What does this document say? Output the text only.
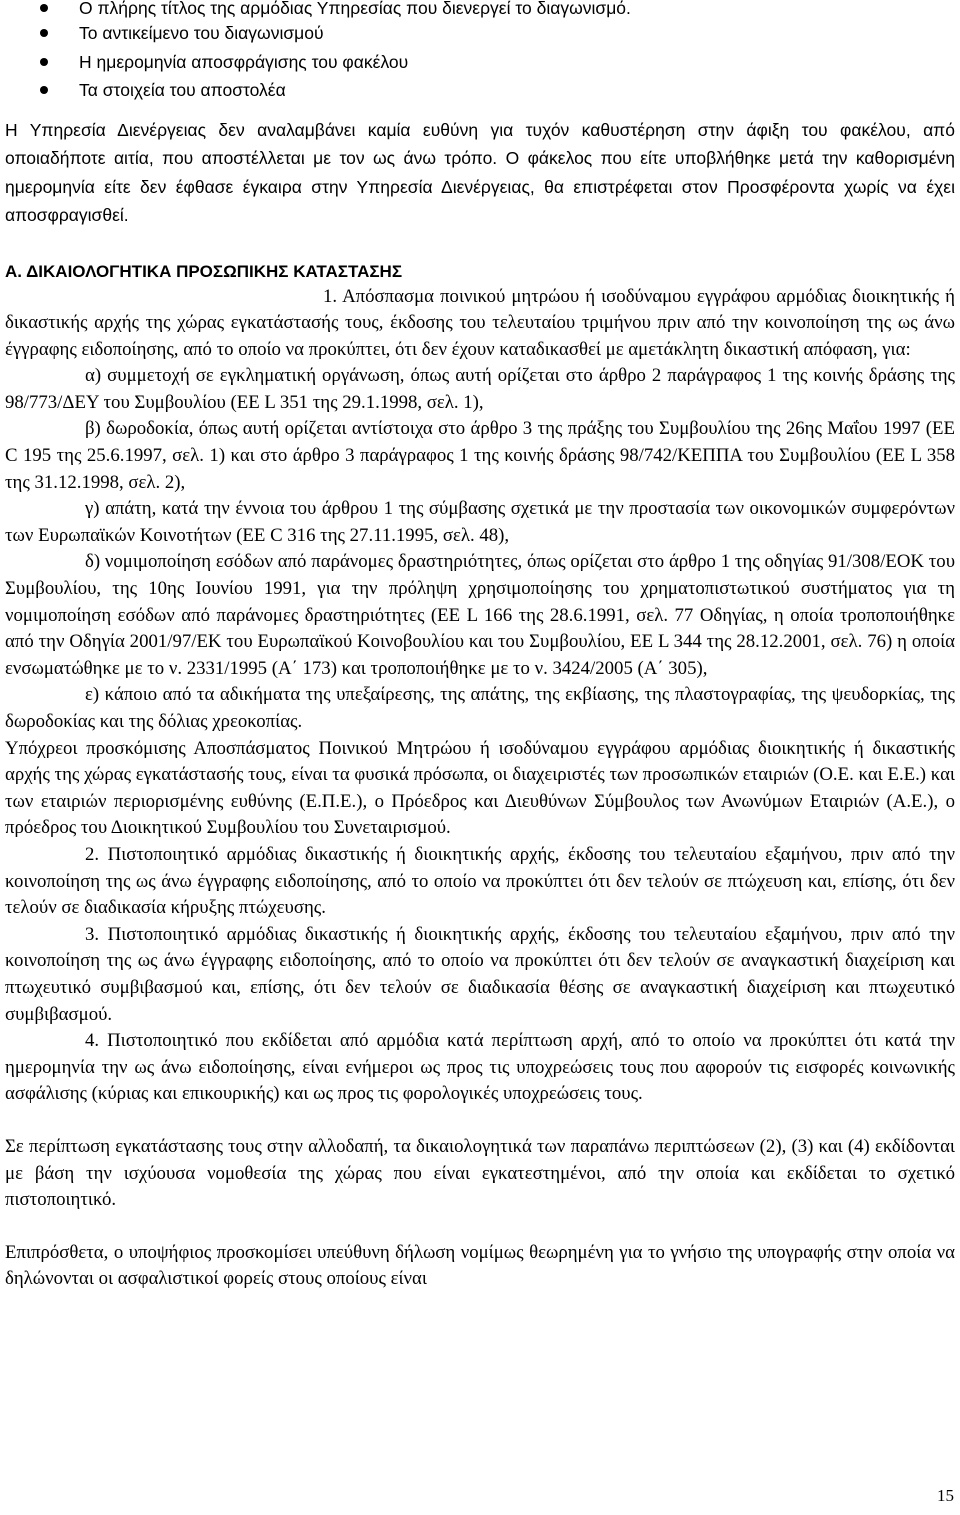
Ο πλήρης τίτλος της αρμόδιας Υπηρεσίας που διενεργεί το διαγωνισμό.
Το αντικείμενο του διαγωνισμού
Η ημερομηνία αποσφράγισης του φακέλου
Τα στοιχεία του αποστολέα

Η Υπηρεσία Διενέργειας δεν αναλαμβάνει καμία ευθύνη για τυχόν καθυστέρηση στην άφιξη του φακέλου, από οποιαδήποτε αιτία, που αποστέλλεται με τον ως άνω τρόπο. Ο φάκελος που είτε υποβλήθηκε μετά την καθορισμένη ημερομηνία είτε δεν έφθασε έγκαιρα στην Υπηρεσία Διενέργειας, θα επιστρέφεται στον Προσφέροντα χωρίς να έχει αποσφραγισθεί.

Α. ΔΙΚΑΙΟΛΟΓΗΤΙΚΑ ΠΡΟΣΩΠΙΚΗΣ ΚΑΤΑΣΤΑΣΗΣ

1. Απόσπασμα ποινικού μητρώου ή ισοδύναμου εγγράφου αρμόδιας διοικητικής ή δικαστικής αρχής της χώρας εγκατάστασής τους, έκδοσης του τελευταίου τριμήνου πριν από την κοινοποίηση της ως άνω έγγραφης ειδοποίησης, από το οποίο να προκύπτει, ότι δεν έχουν καταδικασθεί με αμετάκλητη δικαστική απόφαση, για:

α) συμμετοχή σε εγκληματική οργάνωση, όπως αυτή ορίζεται στο άρθρο 2 παράγραφος 1 της κοινής δράσης της 98/773/ΔΕΥ του Συμβουλίου (ΕΕ L 351 της 29.1.1998, σελ. 1),

β) δωροδοκία, όπως αυτή ορίζεται αντίστοιχα στο άρθρο 3 της πράξης του Συμβουλίου της 26ης Μαΐου 1997 (ΕΕ C 195 της 25.6.1997, σελ. 1) και στο άρθρο 3 παράγραφος 1 της κοινής δράσης 98/742/ΚΕΠΠΑ του Συμβουλίου (ΕΕ L 358 της 31.12.1998, σελ. 2),

γ) απάτη, κατά την έννοια του άρθρου 1 της σύμβασης σχετικά με την προστασία των οικονομικών συμφερόντων των Ευρωπαϊκών Κοινοτήτων (ΕΕ C 316 της 27.11.1995, σελ. 48),

δ) νομιμοποίηση εσόδων από παράνομες δραστηριότητες, όπως ορίζεται στο άρθρο 1 της οδηγίας 91/308/ΕΟΚ του Συμβουλίου, της 10ης Ιουνίου 1991, για την πρόληψη χρησιμοποίησης του χρηματοπιστωτικού συστήματος για τη νομιμοποίηση εσόδων από παράνομες δραστηριότητες (ΕΕ L 166 της 28.6.1991, σελ. 77 Οδηγίας, η οποία τροποποιήθηκε από την Οδηγία 2001/97/ΕΚ του Ευρωπαϊκού Κοινοβουλίου και του Συμβουλίου, ΕΕ L 344 της 28.12.2001, σελ. 76) η οποία ενσωματώθηκε με το ν. 2331/1995 (Α΄ 173) και τροποποιήθηκε με το ν. 3424/2005 (Α΄ 305),

ε) κάποιο από τα αδικήματα της υπεξαίρεσης, της απάτης, της εκβίασης, της πλαστογραφίας, της ψευδορκίας, της δωροδοκίας και της δόλιας χρεοκοπίας.

Υπόχρεοι προσκόμισης Αποσπάσματος Ποινικού Μητρώου ή ισοδύναμου εγγράφου αρμόδιας διοικητικής ή δικαστικής αρχής της χώρας εγκατάστασής τους, είναι τα φυσικά πρόσωπα, οι διαχειριστές των προσωπικών εταιριών (Ο.Ε. και Ε.Ε.) και των εταιριών περιορισμένης ευθύνης (Ε.Π.Ε.), ο Πρόεδρος και Διευθύνων Σύμβουλος των Ανωνύμων Εταιριών (Α.Ε.), ο πρόεδρος του Διοικητικού Συμβουλίου του Συνεταιρισμού.

2. Πιστοποιητικό αρμόδιας δικαστικής ή διοικητικής αρχής, έκδοσης του τελευταίου εξαμήνου, πριν από την κοινοποίηση της ως άνω έγγραφης ειδοποίησης, από το οποίο να προκύπτει ότι δεν τελούν σε πτώχευση και, επίσης, ότι δεν τελούν σε διαδικασία κήρυξης πτώχευσης.

3. Πιστοποιητικό αρμόδιας δικαστικής ή διοικητικής αρχής, έκδοσης του τελευταίου εξαμήνου, πριν από την κοινοποίηση της ως άνω έγγραφης ειδοποίησης, από το οποίο να προκύπτει ότι δεν τελούν σε αναγκαστική διαχείριση και πτωχευτικό συμβιβασμού και, επίσης, ότι δεν τελούν σε διαδικασία θέσης σε αναγκαστική διαχείριση και πτωχευτικό συμβιβασμού.

4. Πιστοποιητικό που εκδίδεται από αρμόδια κατά περίπτωση αρχή, από το οποίο να προκύπτει ότι κατά την ημερομηνία την ως άνω ειδοποίησης, είναι ενήμεροι ως προς τις υποχρεώσεις τους που αφορούν τις εισφορές κοινωνικής ασφάλισης (κύριας και επικουρικής) και ως προς τις φορολογικές υποχρεώσεις τους.

Σε περίπτωση εγκατάστασης τους στην αλλοδαπή, τα δικαιολογητικά των παραπάνω περιπτώσεων (2), (3) και (4) εκδίδονται με βάση την ισχύουσα νομοθεσία της χώρας που είναι εγκατεστημένοι, από την οποία και εκδίδεται το σχετικό πιστοποιητικό.

Επιπρόσθετα, ο υποψήφιος προσκομίσει υπεύθυνη δήλωση νομίμως θεωρημένη για το γνήσιο της υπογραφής στην οποία να δηλώνονται οι ασφαλιστικοί φορείς στους οποίους είναι

15
